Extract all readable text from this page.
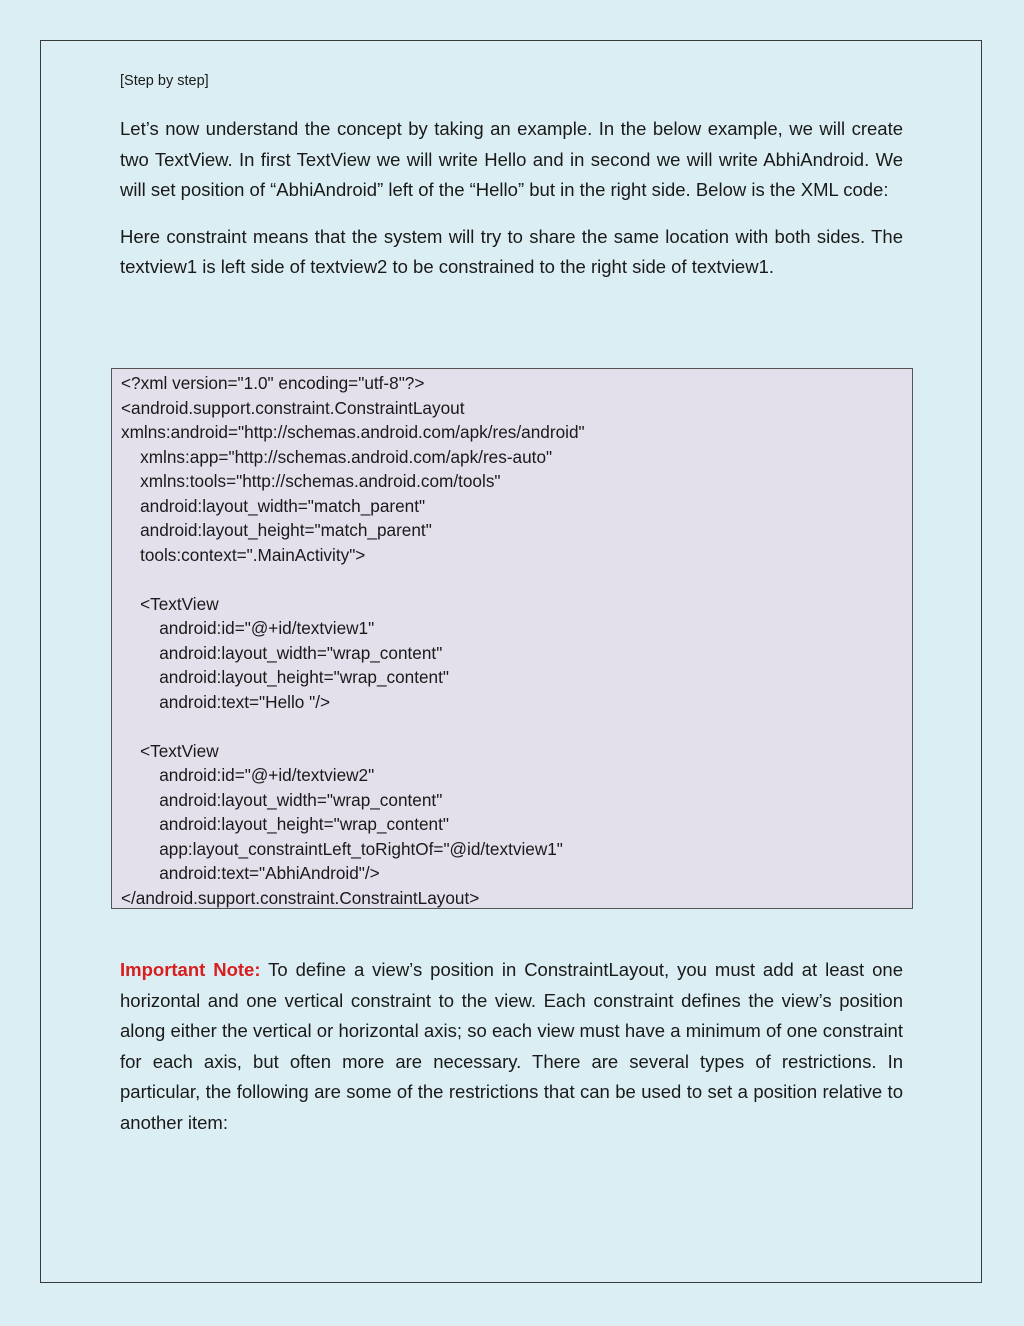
[Step by step]

Let’s now understand the concept by taking an example. In the below example, we will create two TextView. In first TextView we will write Hello and in second we will write AbhiAndroid. We will set position of “AbhiAndroid” left of the “Hello” but in the right side. Below is the XML code:

Here constraint means that the system will try to share the same location with both sides. The textview1 is left side of textview2 to be constrained to the right side of textview1.

<?xml version="1.0" encoding="utf-8"?>
<android.support.constraint.ConstraintLayout
xmlns:android="http://schemas.android.com/apk/res/android"
xmlns:app="http://schemas.android.com/apk/res-auto"
xmlns:tools="http://schemas.android.com/tools"
android:layout_width="match_parent"
android:layout_height="match_parent"
tools:context=".MainActivity">
<TextView
android:id="@+id/textview1"
android:layout_width="wrap_content"
android:layout_height="wrap_content"
android:text="Hello "/>
<TextView
android:id="@+id/textview2"
android:layout_width="wrap_content"
android:layout_height="wrap_content"
app:layout_constraintLeft_toRightOf="@id/textview1"
android:text="AbhiAndroid"/>
</android.support.constraint.ConstraintLayout>

Important Note: To define a view’s position in ConstraintLayout, you must add at least one horizontal and one vertical constraint to the view. Each constraint defines the view’s position along either the vertical or horizontal axis; so each view must have a minimum of one constraint for each axis, but often more are necessary. There are several types of restrictions. In particular, the following are some of the restrictions that can be used to set a position relative to another item:
